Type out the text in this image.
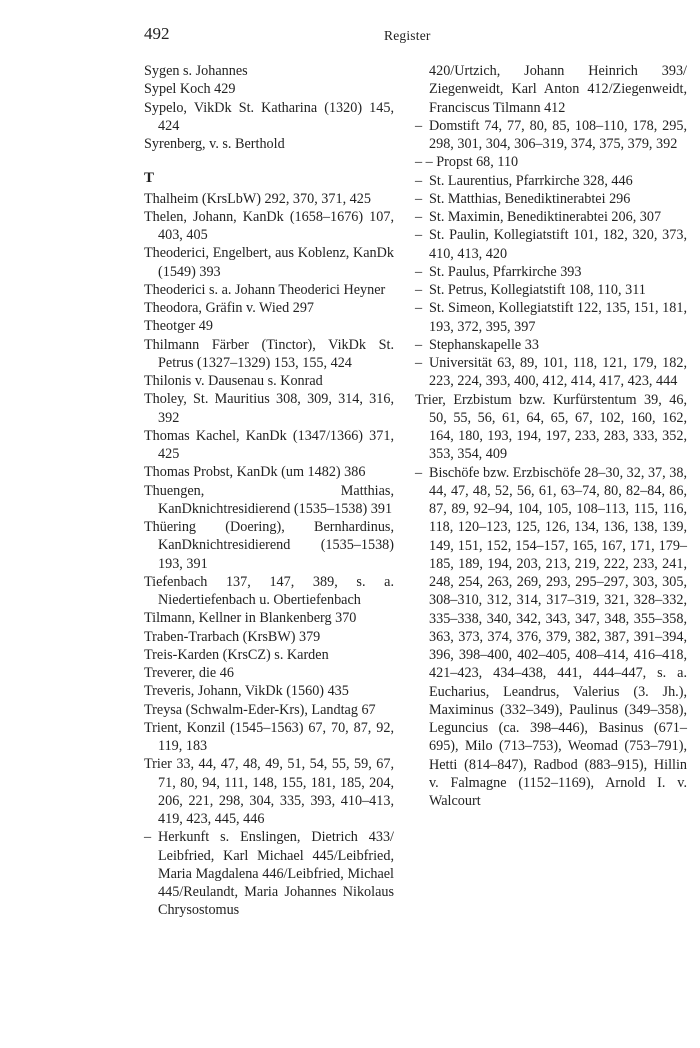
492	Register
Sygen s. Johannes
Sypel Koch 429
Sypelo, VikDk St. Katharina (1320) 145, 424
Syrenberg, v. s. Berthold
T
Thalheim (KrsLbW) 292, 370, 371, 425
Thelen, Johann, KanDk (1658–1676) 107, 403, 405
Theoderici, Engelbert, aus Koblenz, KanDk (1549) 393
Theoderici s. a. Johann Theoderici Heyner
Theodora, Gräfin v. Wied 297
Theotger 49
Thilmann Färber (Tinctor), VikDk St. Petrus (1327–1329) 153, 155, 424
Thilonis v. Dausenau s. Konrad
Tholey, St. Mauritius 308, 309, 314, 316, 392
Thomas Kachel, KanDk (1347/1366) 371, 425
Thomas Probst, KanDk (um 1482) 386
Thuengen, Matthias, KanDknichtresidierend (1535–1538) 391
Thüering (Doering), Bernhardinus, KanDknichtresidierend (1535–1538) 193, 391
Tiefenbach 137, 147, 389, s. a. Niedertiefenbach u. Obertiefenbach
Tilmann, Kellner in Blankenberg 370
Traben-Trarbach (KrsBW) 379
Treis-Karden (KrsCZ) s. Karden
Treverer, die 46
Treveris, Johann, VikDk (1560) 435
Treysa (Schwalm-Eder-Krs), Landtag 67
Trient, Konzil (1545–1563) 67, 70, 87, 92, 119, 183
Trier 33, 44, 47, 48, 49, 51, 54, 55, 59, 67, 71, 80, 94, 111, 148, 155, 181, 185, 204, 206, 221, 298, 304, 335, 393, 410–413, 419, 423, 445, 446
– Herkunft s. Enslingen, Dietrich 433/ Leibfried, Karl Michael 445/Leibfried, Maria Magdalena 446/Leibfried, Michael 445/Reulandt, Maria Johannes Nikolaus Chrysostomus
420/Urtzich, Johann Heinrich 393/ Ziegenweidt, Karl Anton 412/Ziegenweidt, Franciscus Tilmann 412
– Domstift 74, 77, 80, 85, 108–110, 178, 295, 298, 301, 304, 306–319, 374, 375, 379, 392
– – Propst 68, 110
– St. Laurentius, Pfarrkirche 328, 446
– St. Matthias, Benediktinerabtei 296
– St. Maximin, Benediktinerabtei 206, 307
– St. Paulin, Kollegiatstift 101, 182, 320, 373, 410, 413, 420
– St. Paulus, Pfarrkirche 393
– St. Petrus, Kollegiatstift 108, 110, 311
– St. Simeon, Kollegiatstift 122, 135, 151, 181, 193, 372, 395, 397
– Stephanskapelle 33
– Universität 63, 89, 101, 118, 121, 179, 182, 223, 224, 393, 400, 412, 414, 417, 423, 444
Trier, Erzbistum bzw. Kurfürstentum 39, 46, 50, 55, 56, 61, 64, 65, 67, 102, 160, 162, 164, 180, 193, 194, 197, 233, 283, 333, 352, 353, 354, 409
– Bischöfe bzw. Erzbischöfe 28–30, 32, 37, 38, 44, 47, 48, 52, 56, 61, 63–74, 80, 82–84, 86, 87, 89, 92–94, 104, 105, 108–113, 115, 116, 118, 120–123, 125, 126, 134, 136, 138, 139, 149, 151, 152, 154–157, 165, 167, 171, 179–185, 189, 194, 203, 213, 219, 222, 233, 241, 248, 254, 263, 269, 293, 295–297, 303, 305, 308–310, 312, 314, 317–319, 321, 328–332, 335–338, 340, 342, 343, 347, 348, 355–358, 363, 373, 374, 376, 379, 382, 387, 391–394, 396, 398–400, 402–405, 408–414, 416–418, 421–423, 434–438, 441, 444–447, s. a. Eucharius, Leandrus, Valerius (3. Jh.), Maximinus (332–349), Paulinus (349–358), Leguncius (ca. 398–446), Basinus (671–695), Milo (713–753), Weomad (753–791), Hetti (814–847), Radbod (883–915), Hillin v. Falmagne (1152–1169), Arnold I. v. Walcourt
